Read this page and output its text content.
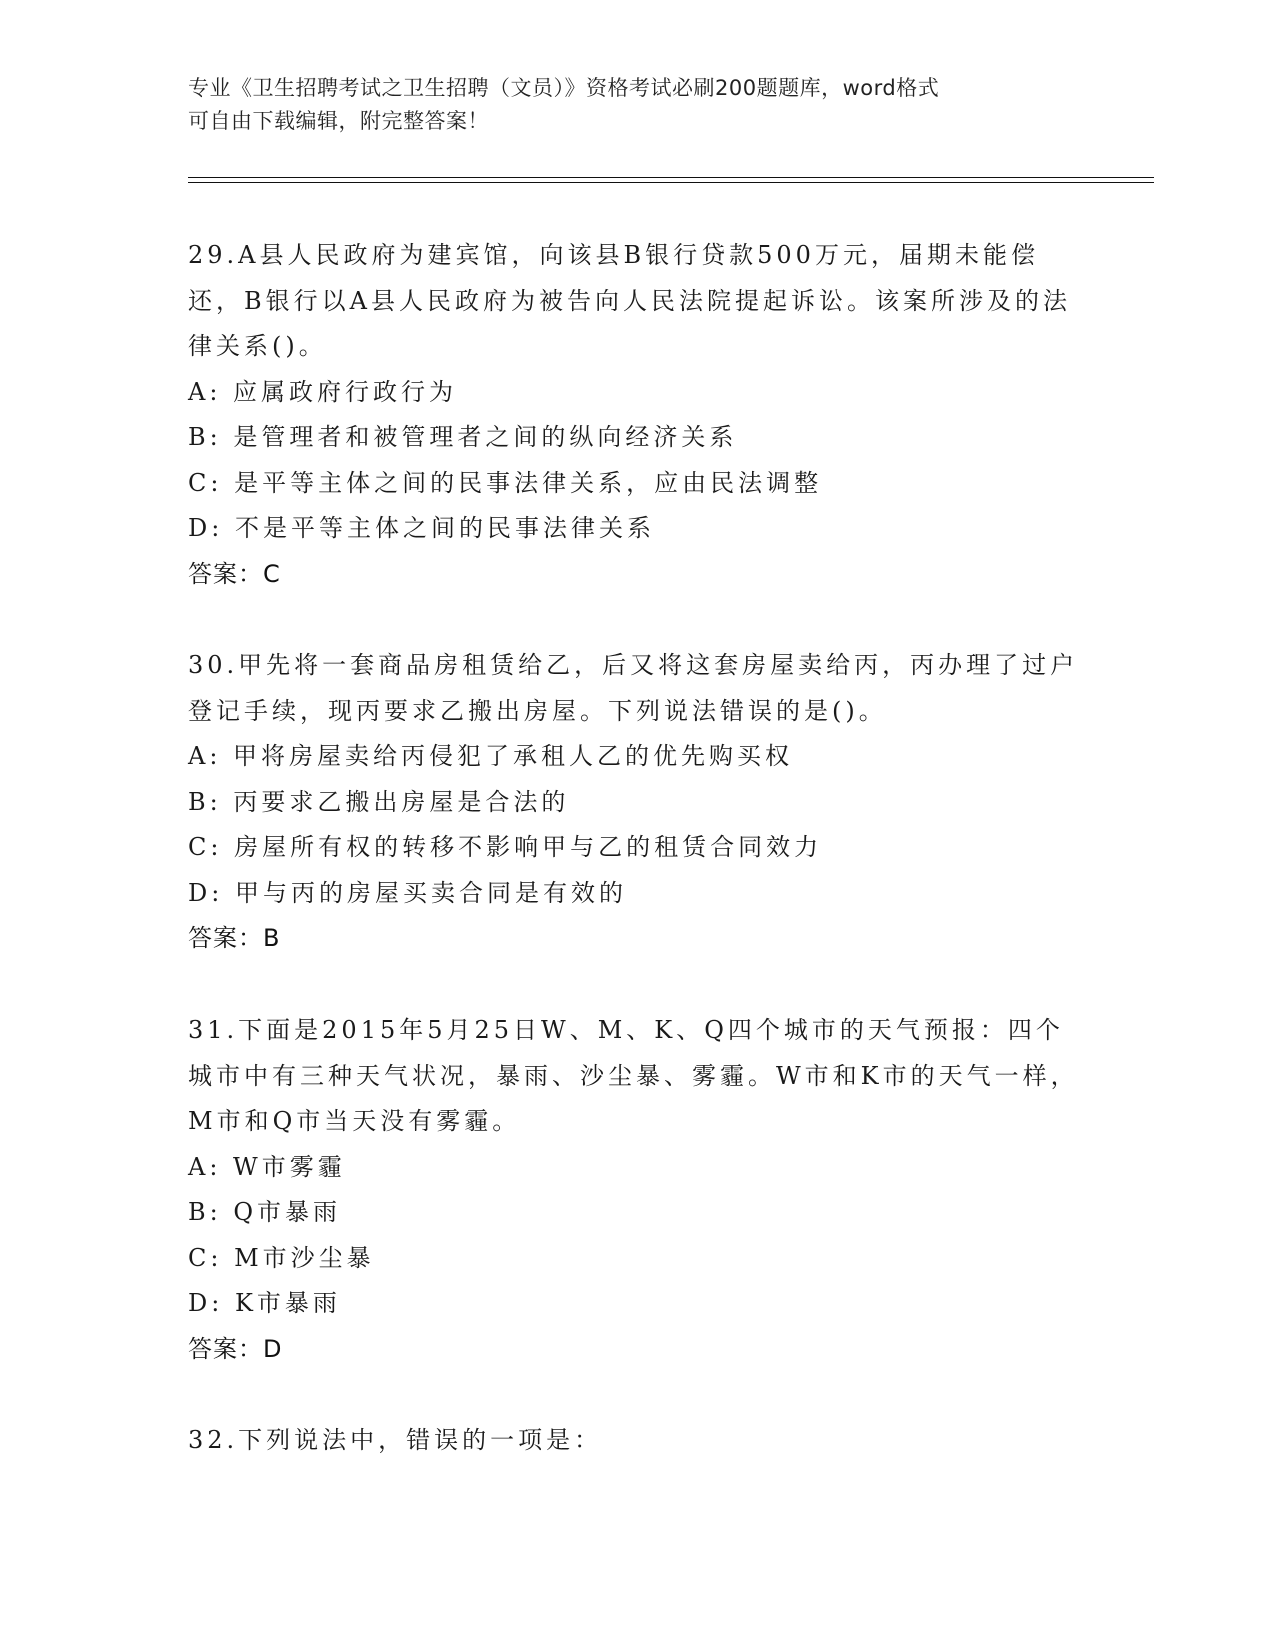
专业《卫生招聘考试之卫生招聘（文员）》资格考试必刷200题题库，word格式
可自由下载编辑，附完整答案！

29.A县人民政府为建宾馆，向该县B银行贷款500万元，届期未能偿还，B银行以A县人民政府为被告向人民法院提起诉讼。该案所涉及的法律关系()。

A: 应属政府行政行为

B: 是管理者和被管理者之间的纵向经济关系

C: 是平等主体之间的民事法律关系，应由民法调整

D: 不是平等主体之间的民事法律关系

答案：C

30.甲先将一套商品房租赁给乙，后又将这套房屋卖给丙，丙办理了过户登记手续，现丙要求乙搬出房屋。下列说法错误的是()。

A: 甲将房屋卖给丙侵犯了承租人乙的优先购买权

B: 丙要求乙搬出房屋是合法的

C: 房屋所有权的转移不影响甲与乙的租赁合同效力

D: 甲与丙的房屋买卖合同是有效的

答案：B

31.下面是2015年5月25日W、M、K、Q四个城市的天气预报：四个城市中有三种天气状况，暴雨、沙尘暴、雾霾。W市和K市的天气一样，M市和Q市当天没有雾霾。

A: W市雾霾

B: Q市暴雨

C: M市沙尘暴

D: K市暴雨

答案：D

32.下列说法中，错误的一项是：
